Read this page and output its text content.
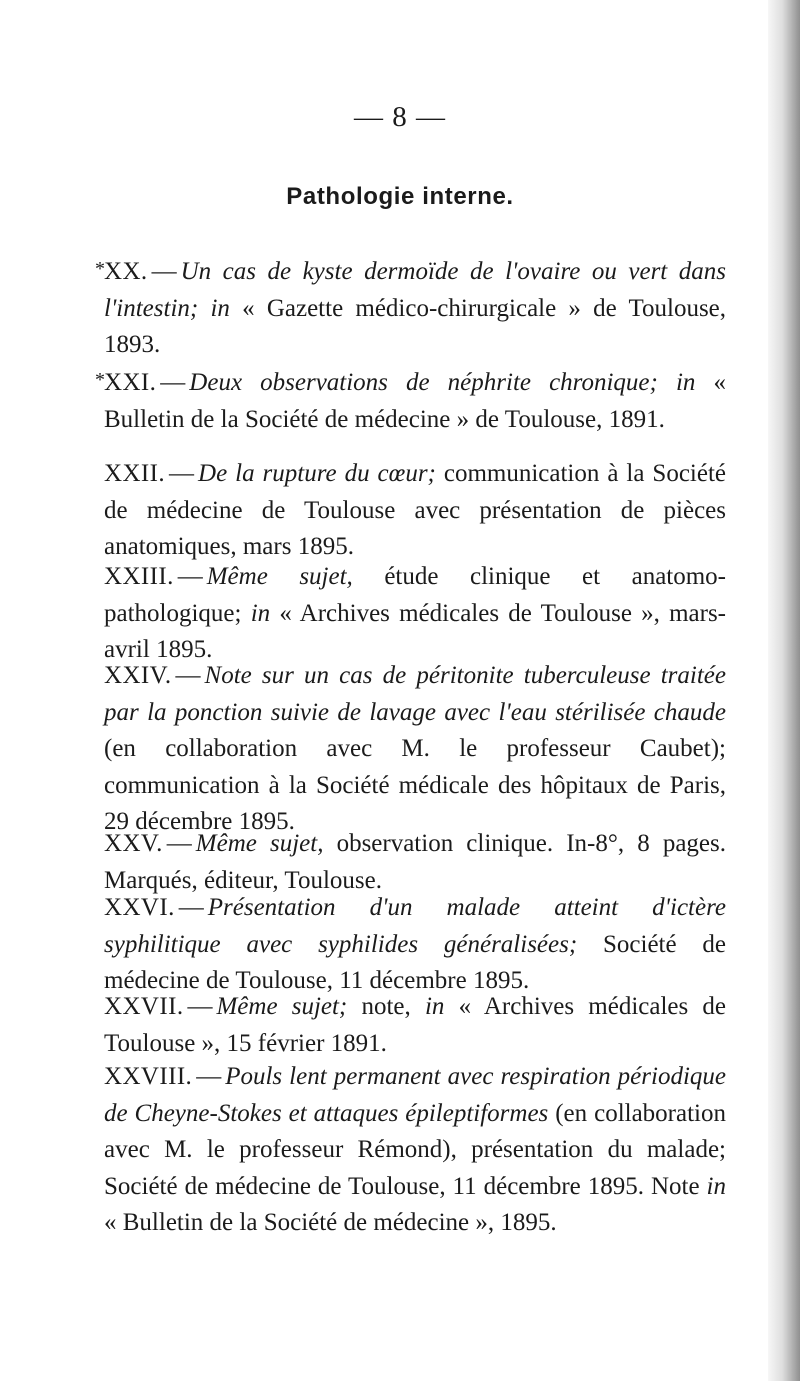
— 8 —
Pathologie interne.
* XX. — Un cas de kyste dermoïde de l'ovaire ou vert dans l'intestin; in « Gazette médico-chirurgicale » de Toulouse, 1893.
* XXI. — Deux observations de néphrite chronique; in « Bulletin de la Société de médecine » de Toulouse, 1891.
XXII. — De la rupture du cœur; communication à la Société de médecine de Toulouse avec présentation de pièces anatomiques, mars 1895.
XXIII. — Même sujet, étude clinique et anatomo-pathologique; in « Archives médicales de Toulouse », mars-avril 1895.
XXIV. — Note sur un cas de péritonite tuberculeuse traitée par la ponction suivie de lavage avec l'eau stérilisée chaude (en collaboration avec M. le professeur Caubet); communication à la Société médicale des hôpitaux de Paris, 29 décembre 1895.
XXV. — Même sujet, observation clinique. In-8°, 8 pages. Marqués, éditeur, Toulouse.
XXVI. — Présentation d'un malade atteint d'ictère syphilitique avec syphilides généralisées; Société de médecine de Toulouse, 11 décembre 1895.
XXVII. — Même sujet; note, in « Archives médicales de Toulouse », 15 février 1891.
XXVIII. — Pouls lent permanent avec respiration périodique de Cheyne-Stokes et attaques épileptiformes (en collaboration avec M. le professeur Rémond), présentation du malade; Société de médecine de Toulouse, 11 décembre 1895. Note in « Bulletin de la Société de médecine », 1895.
